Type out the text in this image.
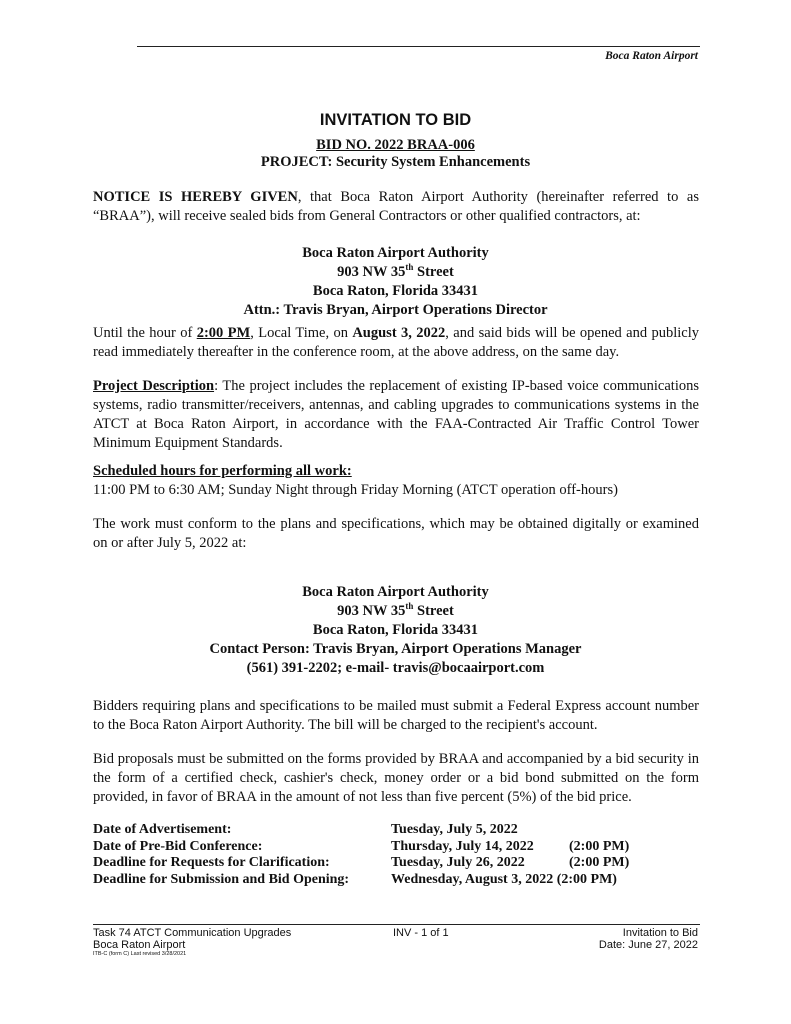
Boca Raton Airport
INVITATION TO BID
BID NO. 2022 BRAA-006
PROJECT: Security System Enhancements

NOTICE IS HEREBY GIVEN, that Boca Raton Airport Authority (hereinafter referred to as “BRAA”), will receive sealed bids from General Contractors or other qualified contractors, at:

Boca Raton Airport Authority
903 NW 35th Street
Boca Raton, Florida 33431
Attn.: Travis Bryan, Airport Operations Director

Until the hour of 2:00 PM, Local Time, on August 3, 2022, and said bids will be opened and publicly read immediately thereafter in the conference room, at the above address, on the same day.

Project Description: The project includes the replacement of existing IP-based voice communications systems, radio transmitter/receivers, antennas, and cabling upgrades to communications systems in the ATCT at Boca Raton Airport, in accordance with the FAA-Contracted Air Traffic Control Tower Minimum Equipment Standards.

Scheduled hours for performing all work:
11:00 PM to 6:30 AM; Sunday Night through Friday Morning (ATCT operation off-hours)

The work must conform to the plans and specifications, which may be obtained digitally or examined on or after July 5, 2022 at:

Boca Raton Airport Authority
903 NW 35th Street
Boca Raton, Florida 33431
Contact Person: Travis Bryan, Airport Operations Manager
(561) 391-2202; e-mail- travis@bocaairport.com

Bidders requiring plans and specifications to be mailed must submit a Federal Express account number to the Boca Raton Airport Authority. The bill will be charged to the recipient's account.

Bid proposals must be submitted on the forms provided by BRAA and accompanied by a bid security in the form of a certified check, cashier's check, money order or a bid bond submitted on the form provided, in favor of BRAA in the amount of not less than five percent (5%) of the bid price.

Date of Advertisement:	Tuesday, July 5, 2022
Date of Pre-Bid Conference:	Thursday, July 14, 2022	(2:00 PM)
Deadline for Requests for Clarification:	Tuesday, July 26, 2022	(2:00 PM)
Deadline for Submission and Bid Opening:	Wednesday, August 3, 2022 (2:00 PM)
Task 74 ATCT Communication Upgrades
Boca Raton Airport
ITB-C (form C) Last revised 3/28/2021
INV - 1 of 1	Invitation to Bid
Date: June 27, 2022
